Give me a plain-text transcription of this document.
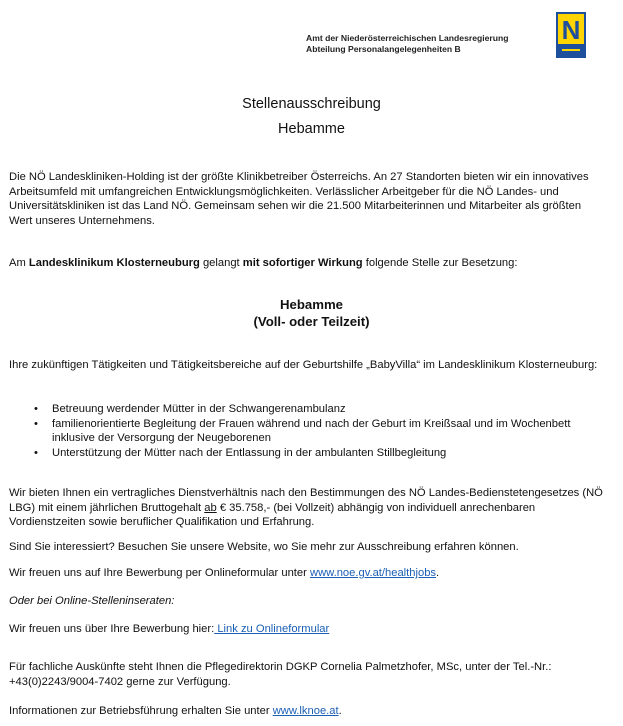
Amt der Niederösterreichischen Landesregierung
Abteilung Personalangelegenheiten B
N
Stellenausschreibung
Hebamme

Die NÖ Landeskliniken-Holding ist der größte Klinikbetreiber Österreichs. An 27 Standorten bieten wir ein innovatives Arbeitsumfeld mit umfangreichen Entwicklungsmöglichkeiten. Verlässlicher Arbeitgeber für die NÖ Landes- und Universitätskliniken ist das Land NÖ. Gemeinsam sehen wir die 21.500 Mitarbeiterinnen und Mitarbeiter als größten Wert unseres Unternehmens.

Am Landesklinikum Klosterneuburg gelangt mit sofortiger Wirkung folgende Stelle zur Besetzung:

Hebamme
(Voll- oder Teilzeit)

Ihre zukünftigen Tätigkeiten und Tätigkeitsbereiche auf der Geburtshilfe „BabyVilla“ im Landesklinikum Klosterneuburg:

• Betreuung werdender Mütter in der Schwangerenambulanz
• familienorientierte Begleitung der Frauen während und nach der Geburt im Kreißsaal und im Wochenbett inklusive der Versorgung der Neugeborenen
• Unterstützung der Mütter nach der Entlassung in der ambulanten Stillbegleitung

Wir bieten Ihnen ein vertragliches Dienstverhältnis nach den Bestimmungen des NÖ Landes-Bedienstetengesetzes (NÖ LBG) mit einem jährlichen Bruttogehalt ab € 35.758,- (bei Vollzeit) abhängig von individuell anrechenbaren Vordienstzeiten sowie beruflicher Qualifikation und Erfahrung.

Sind Sie interessiert? Besuchen Sie unsere Website, wo Sie mehr zur Ausschreibung erfahren können.

Wir freuen uns auf Ihre Bewerbung per Onlineformular unter www.noe.gv.at/healthjobs.

Oder bei Online-Stelleninseraten:

Wir freuen uns über Ihre Bewerbung hier: Link zu Onlineformular

Für fachliche Auskünfte steht Ihnen die Pflegedirektorin DGKP Cornelia Palmetzhofer, MSc, unter der Tel.-Nr.: +43(0)2243/9004-7402 gerne zur Verfügung.

Informationen zur Betriebsführung erhalten Sie unter www.lknoe.at.
